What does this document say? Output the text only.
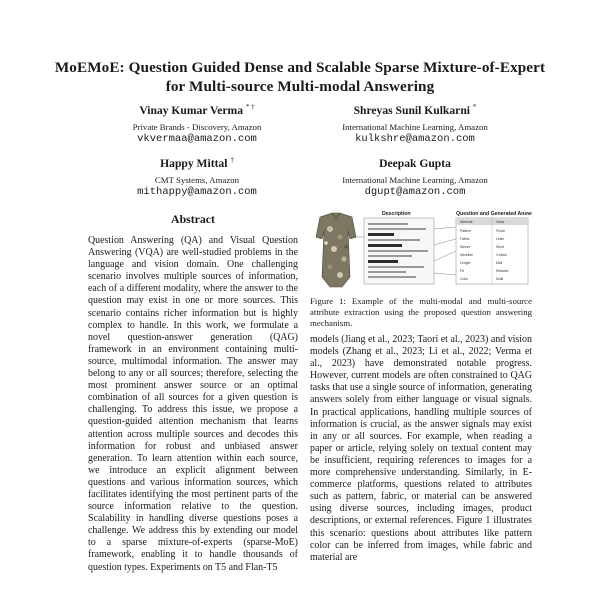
MoEMoE: Question Guided Dense and Scalable Sparse Mixture-of-Expert
for Multi-source Multi-modal Answering
Vinay Kumar Verma * †
Private Brands - Discovery, Amazon
vkvermaa@amazon.com
Shreyas Sunil Kulkarni *
International Machine Learning, Amazon
kulkshre@amazon.com
Happy Mittal †
CMT Systems, Amazon
mithappy@amazon.com
Deepak Gupta
International Machine Learning, Amazon
dgupt@amazon.com
Abstract

Question Answering (QA) and Visual Question Answering (VQA) are well-studied problems in the language and vision domain. One challenging scenario involves multiple sources of information, each of a different modality, where the answer to the question may exist in one or more sources. This scenario contains richer information but is highly complex to handle. In this work, we formulate a novel question-answer generation (QAG) framework in an environment containing multi-source, multimodal information. The answer may belong to any or all sources; therefore, selecting the most prominent answer source or an optimal combination of all sources for a given question is challenging. To address this issue, we propose a question-guided attention mechanism that learns attention across multiple sources and decodes this information for robust and unbiased answer generation. To learn attention within each source, we introduce an explicit alignment between questions and various information sources, which facilitates identifying the most pertinent parts of the source information relative to the question. Scalability in handling diverse questions poses a challenge. We address this by extending our model to a sparse mixture-of-experts (sparse-MoE) framework, enabling it to handle thousands of question types. Experiments on T5 and Flan-T5

Description	Question and Generated Answer
Attribute	Value
Pattern	Floral
Fabric	Linen
Sleeve	Short
Neckline	V-Neck
Length	Midi
Fit	Relaxed
Color	Multi
Figure 1: Example of the multi-modal and multi-source attribute extraction using the proposed question answering mechanism.

models (Jiang et al., 2023; Taori et al., 2023) and vision models (Zhang et al., 2023; Li et al., 2022; Verma et al., 2023) have demonstrated notable progress. However, current models are often constrained to QAG tasks that use a single source of information, generating answers solely from either language or visual signals. In practical applications, handling multiple sources of information is crucial, as the answer signals may exist in any or all sources. For example, when reading a paper or article, relying solely on textual content may be insufficient, requiring references to images for a more comprehensive understanding. Similarly, in E-commerce platforms, questions related to attributes such as pattern, fabric, or material can be answered using diverse sources, including images, product descriptions, or external references. Figure 1 illustrates this scenario: questions about attributes like pattern color can be inferred from images, while fabric and material are
